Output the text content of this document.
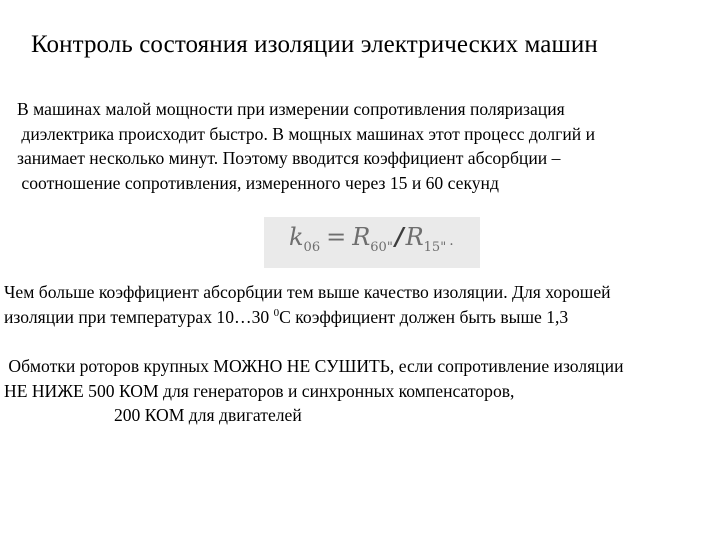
Контроль состояния изоляции электрических машин
В машинах малой мощности при измерении сопротивления поляризация
диэлектрика происходит быстро. В мощных машинах этот процесс долгий и
занимает несколько минут. Поэтому вводится коэффициент абсорбции –
соотношение сопротивления, измеренного через 15 и 60 секунд
$k_{06} = R_{60"}/R_{15"}$ .
Чем больше коэффициент абсорбции тем выше качество изоляции. Для хорошей
изоляции при температурах 10…30 $^0$С коэффициент должен быть выше 1,3
Обмотки роторов крупных МОЖНО НЕ СУШИТЬ, если сопротивление изоляции
НЕ НИЖЕ 500 КОМ для генераторов и синхронных компенсаторов,
200 КОМ для двигателей
